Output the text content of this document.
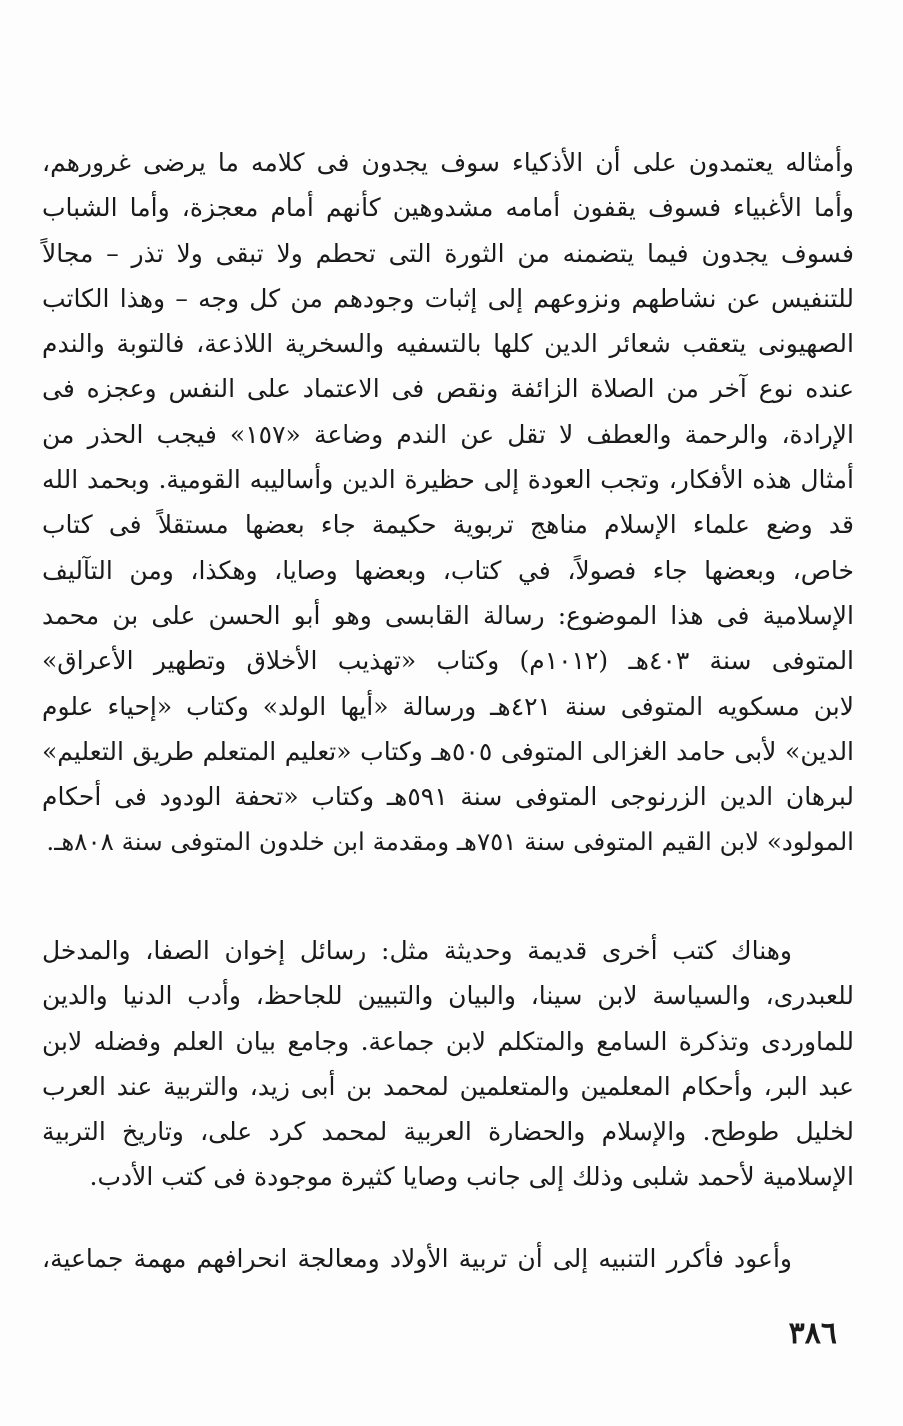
وأمثاله يعتمدون على أن الأذكياء سوف يجدون فى كلامه ما يرضى غرورهم،
وأما الأغبياء فسوف يقفون أمامه مشدوهين كأنهم أمام معجزة، وأما الشباب
فسوف يجدون فيما يتضمنه من الثورة التى تحطم ولا تبقى ولا تذر – مجالاً
للتنفيس عن نشاطهم ونزوعهم إلى إثبات وجودهم من كل وجه – وهذا الكاتب
الصهيونى يتعقب شعائر الدين كلها بالتسفيه والسخرية اللاذعة، فالتوبة والندم
عنده نوع آخر من الصلاة الزائفة ونقص فى الاعتماد على النفس وعجزه فى
الإرادة، والرحمة والعطف لا تقل عن الندم وضاعة «١٥٧» فيجب الحذر من
أمثال هذه الأفكار، وتجب العودة إلى حظيرة الدين وأساليبه القومية. وبحمد الله
قد وضع علماء الإسلام مناهج تربوية حكيمة جاء بعضها مستقلاً فى كتاب
خاص، وبعضها جاء فصولاً، في كتاب، وبعضها وصايا، وهكذا، ومن التآليف
الإسلامية فى هذا الموضوع: رسالة القابسى وهو أبو الحسن على بن محمد
المتوفى سنة ٤٠٣هـ (١٠١٢م) وكتاب «تهذيب الأخلاق وتطهير الأعراق»
لابن مسكويه المتوفى سنة ٤٢١هـ ورسالة «أيها الولد» وكتاب «إحياء علوم
الدين» لأبى حامد الغزالى المتوفى ٥٠٥هـ وكتاب «تعليم المتعلم طريق التعليم»
لبرهان الدين الزرنوجى المتوفى سنة ٥٩١هـ وكتاب «تحفة الودود فى أحكام
المولود» لابن القيم المتوفى سنة ٧٥١هـ ومقدمة ابن خلدون المتوفى سنة ٨٠٨هـ.
وهناك كتب أخرى قديمة وحديثة مثل: رسائل إخوان الصفا، والمدخل
للعبدرى، والسياسة لابن سينا، والبيان والتبيين للجاحظ، وأدب الدنيا والدين
للماوردى وتذكرة السامع والمتكلم لابن جماعة. وجامع بيان العلم وفضله لابن
عبد البر، وأحكام المعلمين والمتعلمين لمحمد بن أبى زيد، والتربية عند العرب
لخليل طوطح. والإسلام والحضارة العربية لمحمد كرد على، وتاريخ التربية
الإسلامية لأحمد شلبى وذلك إلى جانب وصايا كثيرة موجودة فى كتب الأدب.
وأعود فأكرر التنبيه إلى أن تربية الأولاد ومعالجة انحرافهم مهمة جماعية،
٣٨٦
